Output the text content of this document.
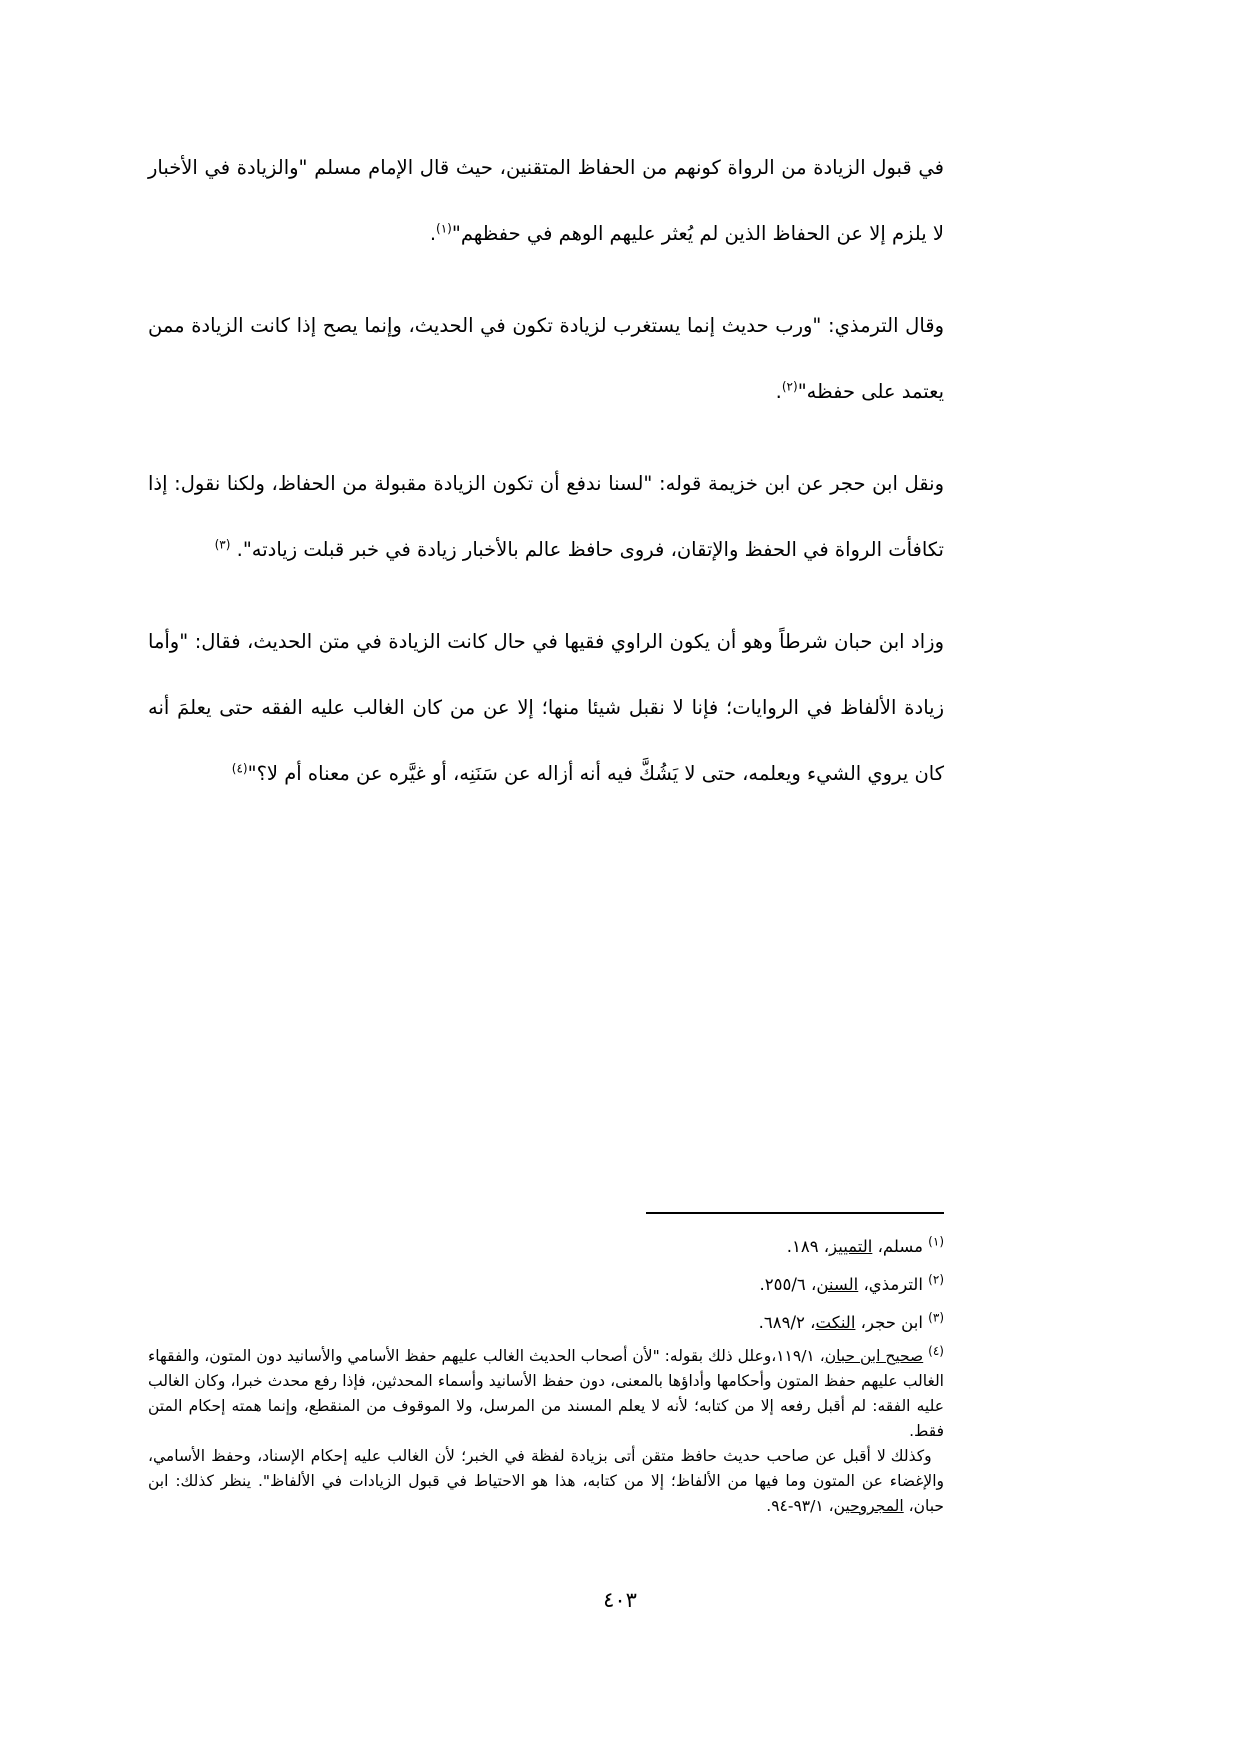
في قبول الزيادة من الرواة كونهم من الحفاظ المتقنين، حيث قال الإمام مسلم "والزيادة في الأخبار لا يلزم إلا عن الحفاظ الذين لم يُعثر عليهم الوهم في حفظهم"$^{(١)}$.

وقال الترمذي: "ورب حديث إنما يستغرب لزيادة تكون في الحديث، وإنما يصح إذا كانت الزيادة ممن يعتمد على حفظه"$^{(٢)}$.

ونقل ابن حجر عن ابن خزيمة قوله: "لسنا ندفع أن تكون الزيادة مقبولة من الحفاظ، ولكنا نقول: إذا تكافأت الرواة في الحفظ والإتقان، فروى حافظ عالم بالأخبار زيادة في خبر قبلت زيادته". $^{(٣)}$

وزاد ابن حبان شرطاً وهو أن يكون الراوي فقيها في حال كانت الزيادة في متن الحديث، فقال: "وأما زيادة الألفاظ في الروايات؛ فإنا لا نقبل شيئا منها؛ إلا عن من كان الغالب عليه الفقه حتى يعلمَ أنه كان يروي الشيء ويعلمه، حتى لا يَشُكَّ فيه أنه أزاله عن سَنَنِه، أو غيَّره عن معناه أم لا؟"$^{(٤)}$

$^{(١)}$ مسلم، التمييز، ١٨٩.

$^{(٢)}$ الترمذي، السنن، ٢٥٥/٦.

$^{(٣)}$ ابن حجر، النكت، ٦٨٩/٢.

$^{(٤)}$ صحيح ابن حبان، ١١٩/١،وعلل ذلك بقوله: "لأن أصحاب الحديث الغالب عليهم حفظ الأسامي والأسانيد دون المتون، والفقهاء الغالب عليهم حفظ المتون وأحكامها وأداؤها بالمعنى، دون حفظ الأسانيد وأسماء المحدثين، فإذا رفع محدث خبرا، وكان الغالب عليه الفقه: لم أقبل رفعه إلا من كتابه؛ لأنه لا يعلم المسند من المرسل، ولا الموقوف من المنقطع، وإنما همته إحكام المتن فقط.

وكذلك لا أقبل عن صاحب حديث حافظ متقن أتى بزيادة لفظة في الخبر؛ لأن الغالب عليه إحكام الإسناد، وحفظ الأسامي، والإغضاء عن المتون وما فيها من الألفاظ؛ إلا من كتابه، هذا هو الاحتياط في قبول الزيادات في الألفاظ". ينظر كذلك: ابن حبان، المجروحين، ٩٣/١-٩٤.

٤٠٣
